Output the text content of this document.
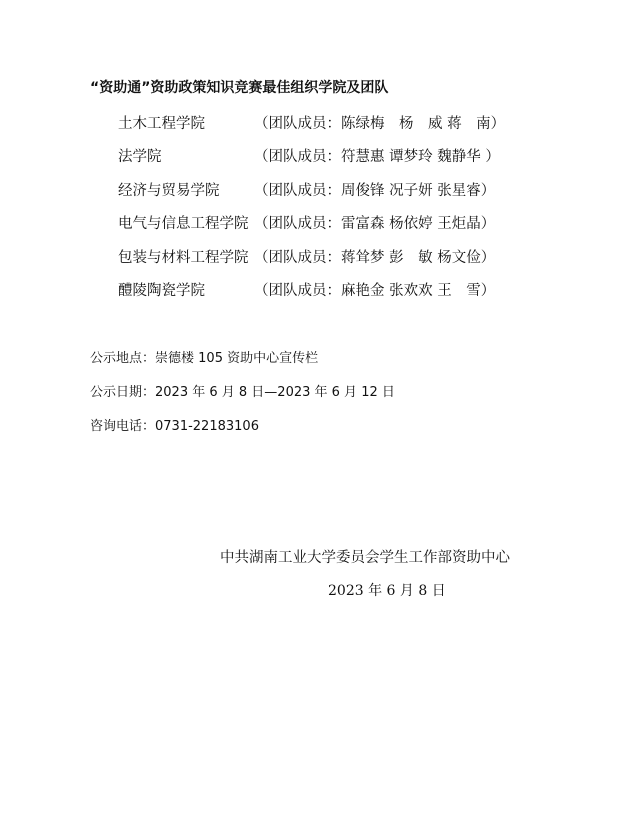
“资助通”资助政策知识竞赛最佳组织学院及团队
土木工程学院	（团队成员：陈绿梅　杨　威 蒋　南）
法学院	（团队成员：符慧惠 谭梦玲 魏静华 ）
经济与贸易学院 （团队成员：周俊锋 况子妍 张星睿）
电气与信息工程学院 （团队成员：雷富森 杨依婷 王炬晶）
包装与材料工程学院 （团队成员：蒋耸梦 彭　敏 杨文俭）
醴陵陶瓷学院	（团队成员：麻艳金 张欢欢 王　雪）
公示地点：崇德楼 105 资助中心宣传栏
公示日期：2023 年 6 月 8 日—2023 年 6 月 12 日
咨询电话：0731-22183106
中共湖南工业大学委员会学生工作部资助中心
2023 年 6 月 8 日
